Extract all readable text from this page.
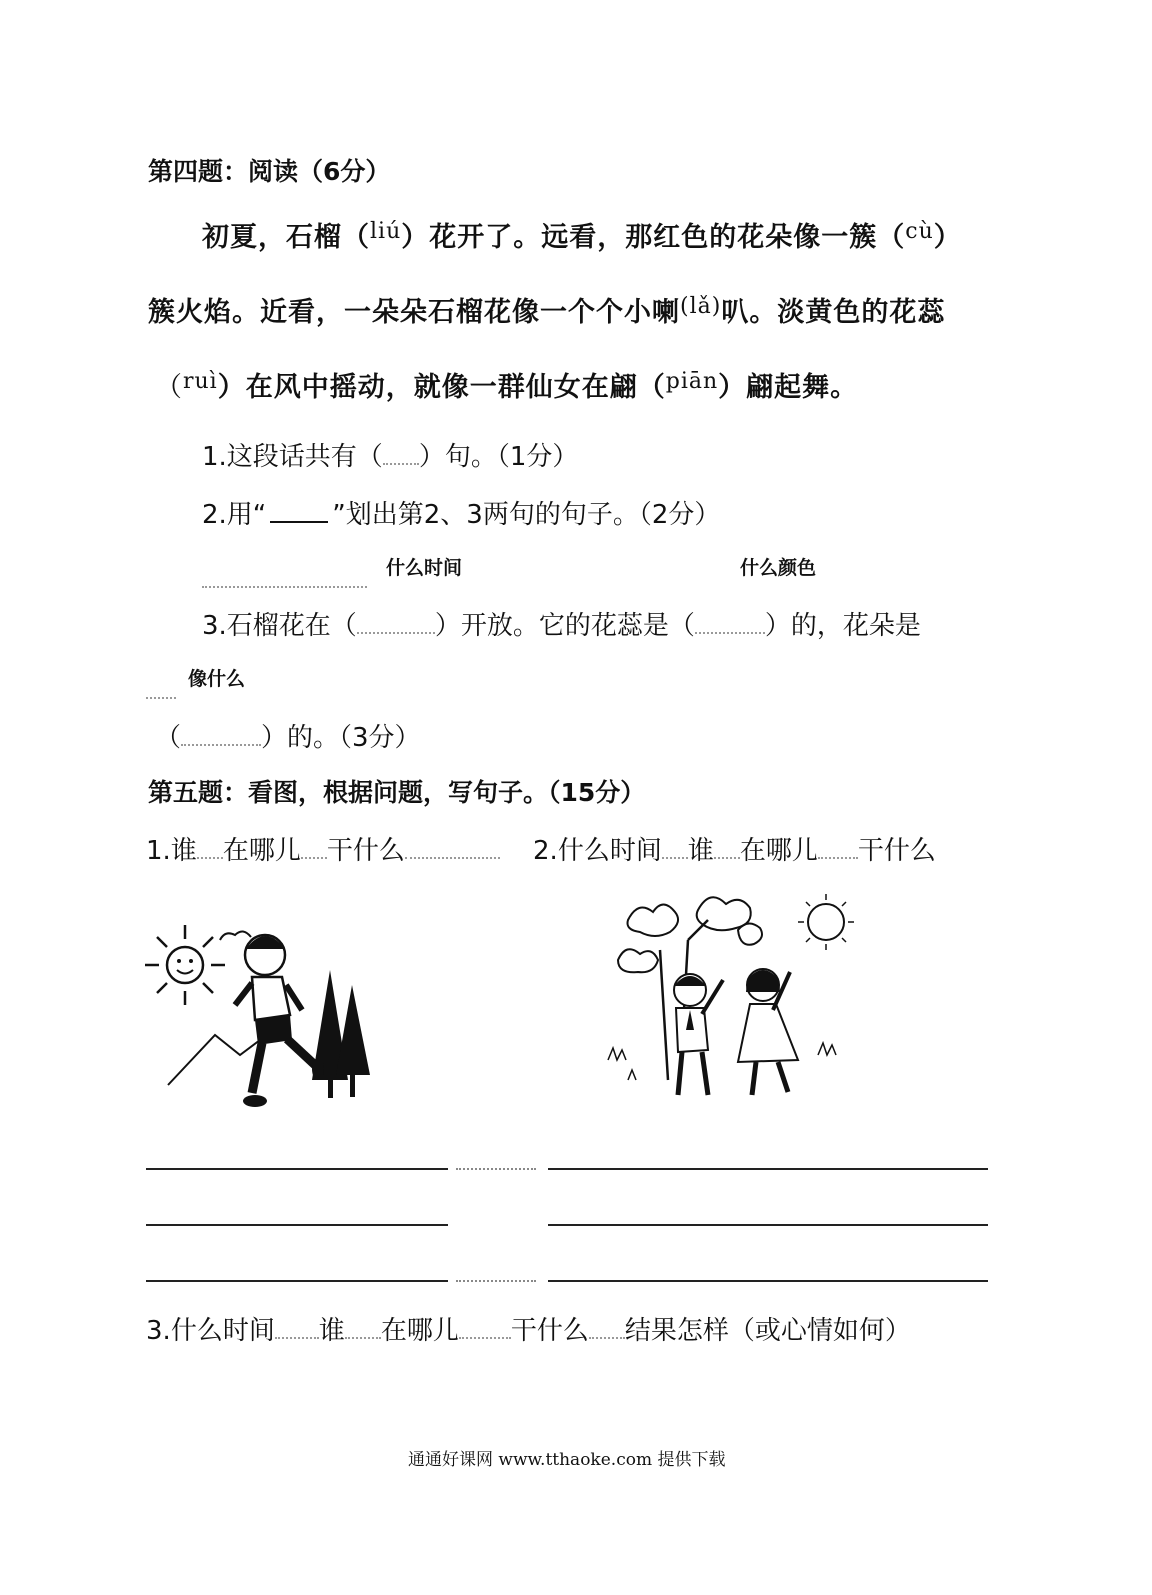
第四题：阅读（6分）
初夏，石榴（$^{liú}$）花开了。远看，那红色的花朵像一簇（$^{cù}$）
簇火焰。近看，一朵朵石榴花像一个个小喇$^{(lǎ)}$叭。淡黄色的花蕊
（$^{ruì}$）在风中摇动，就像一群仙女在翩（$^{piān}$）翩起舞。
1.这段话共有（ ）句。（1分）
2.用“	”划出第2、3两句的句子。（2分）
什么时间	什么颜色
3.石榴花在（	）开放。它的花蕊是（	）的，花朵是
像什么
（	）的。（3分）
第五题：看图，根据问题，写句子。（15分）
1.谁 在哪儿 干什么	2.什么时间 谁 在哪儿 干什么
3.什么时间 谁 在哪儿 干什么 结果怎样（或心情如何）
通通好课网 www.tthaoke.com 提供下载
